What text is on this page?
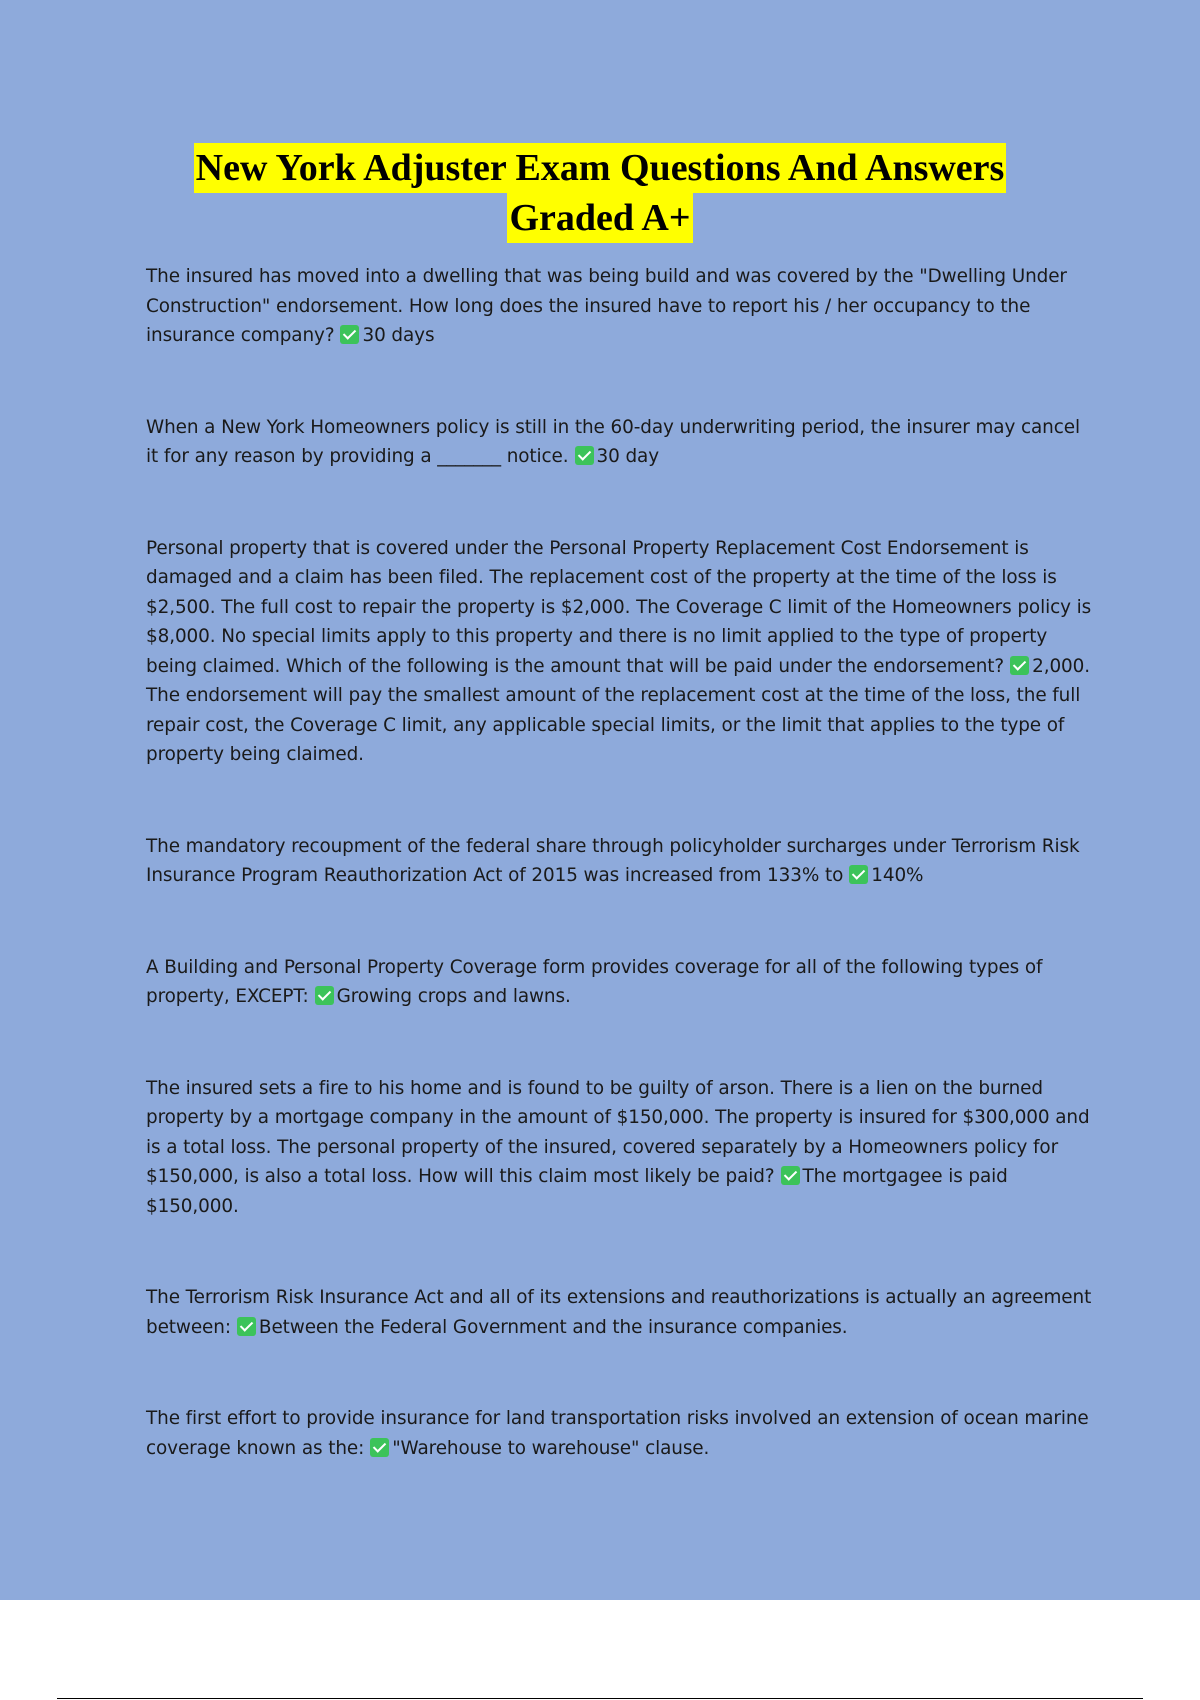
New York Adjuster Exam Questions And Answers
Graded A+
The insured has moved into a dwelling that was being build and was covered by the "Dwelling Under Construction" endorsement. How long does the insured have to report his / her occupancy to the insurance company? 30 days
When a New York Homeowners policy is still in the 60-day underwriting period, the insurer may cancel it for any reason by providing a _______ notice. 30 day
Personal property that is covered under the Personal Property Replacement Cost Endorsement is damaged and a claim has been filed. The replacement cost of the property at the time of the loss is $2,500. The full cost to repair the property is $2,000. The Coverage C limit of the Homeowners policy is $8,000. No special limits apply to this property and there is no limit applied to the type of property being claimed. Which of the following is the amount that will be paid under the endorsement? 2,000. The endorsement will pay the smallest amount of the replacement cost at the time of the loss, the full repair cost, the Coverage C limit, any applicable special limits, or the limit that applies to the type of property being claimed.
The mandatory recoupment of the federal share through policyholder surcharges under Terrorism Risk Insurance Program Reauthorization Act of 2015 was increased from 133% to 140%
A Building and Personal Property Coverage form provides coverage for all of the following types of property, EXCEPT: Growing crops and lawns.
The insured sets a fire to his home and is found to be guilty of arson. There is a lien on the burned property by a mortgage company in the amount of $150,000. The property is insured for $300,000 and is a total loss. The personal property of the insured, covered separately by a Homeowners policy for $150,000, is also a total loss. How will this claim most likely be paid? The mortgagee is paid $150,000.
The Terrorism Risk Insurance Act and all of its extensions and reauthorizations is actually an agreement between: Between the Federal Government and the insurance companies.
The first effort to provide insurance for land transportation risks involved an extension of ocean marine coverage known as the: "Warehouse to warehouse" clause.
